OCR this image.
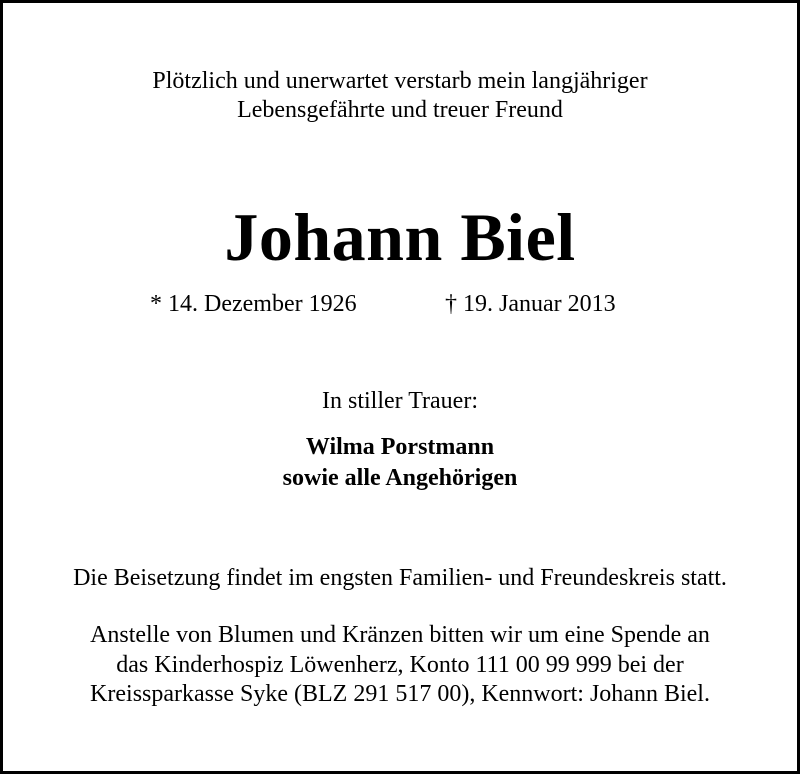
Plötzlich und unerwartet verstarb mein langjähriger
Lebensgefährte und treuer Freund
Johann Biel
* 14. Dezember 1926	† 19. Januar 2013
In stiller Trauer:
Wilma Porstmann
sowie alle Angehörigen
Die Beisetzung findet im engsten Familien- und Freundeskreis statt.
Anstelle von Blumen und Kränzen bitten wir um eine Spende an
das Kinderhospiz Löwenherz, Konto 111 00 99 999 bei der
Kreissparkasse Syke (BLZ 291 517 00), Kennwort: Johann Biel.
